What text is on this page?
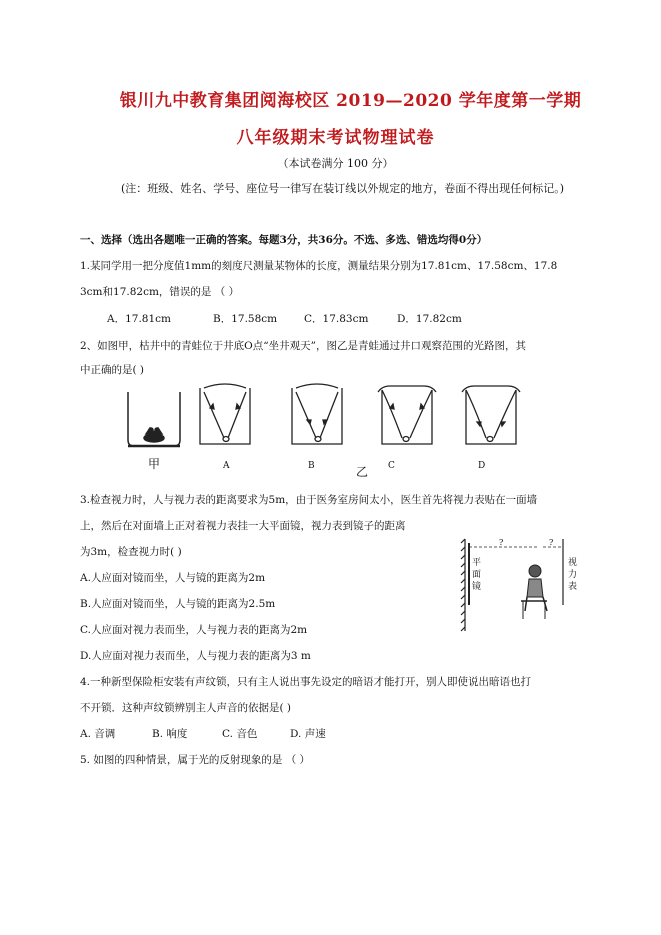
银川九中教育集团阅海校区 2019—2020 学年度第一学期
八年级期末考试物理试卷
（本试卷满分 100 分）
(注：班级、姓名、学号、座位号一律写在装订线以外规定的地方，卷面不得出现任何标记。)
一、选择（选出各题唯一正确的答案。每题3分，共36分。不选、多选、错选均得0分）
1.某同学用一把分度值1mm的刻度尺测量某物体的长度，测量结果分别为17.81cm、17.58cm、17.8
3cm和17.82cm，错误的是 （ ）
A．17.81cm	B．17.58cm	C．17.83cm	D．17.82cm
2、如图甲，枯井中的青蛙位于井底O点“坐井观天”，图乙是青蛙通过井口观察范围的光路图，其
中正确的是( )
甲	A	B	乙 C	D
3.检查视力时，人与视力表的距离要求为5m，由于医务室房间太小，医生首先将视力表贴在一面墙
上，然后在对面墙上正对着视力表挂一大平面镜，视力表到镜子的距离
为3m，检查视力时( )
A.人应面对镜而坐，人与镜的距离为2m
B.人应面对镜而坐，人与镜的距离为2.5m
C.人应面对视力表而坐，人与视力表的距离为2m
D.人应面对视力表而坐，人与视力表的距离为3 m
平
面
镜
?	?
视
力
表
4.一种新型保险柜安装有声纹锁，只有主人说出事先设定的暗语才能打开，别人即使说出暗语也打
不开锁．这种声纹锁辨别主人声音的依据是( )
A. 音调	B. 响度	C. 音色	D. 声速
5. 如图的四种情景，属于光的反射现象的是 （ ）
